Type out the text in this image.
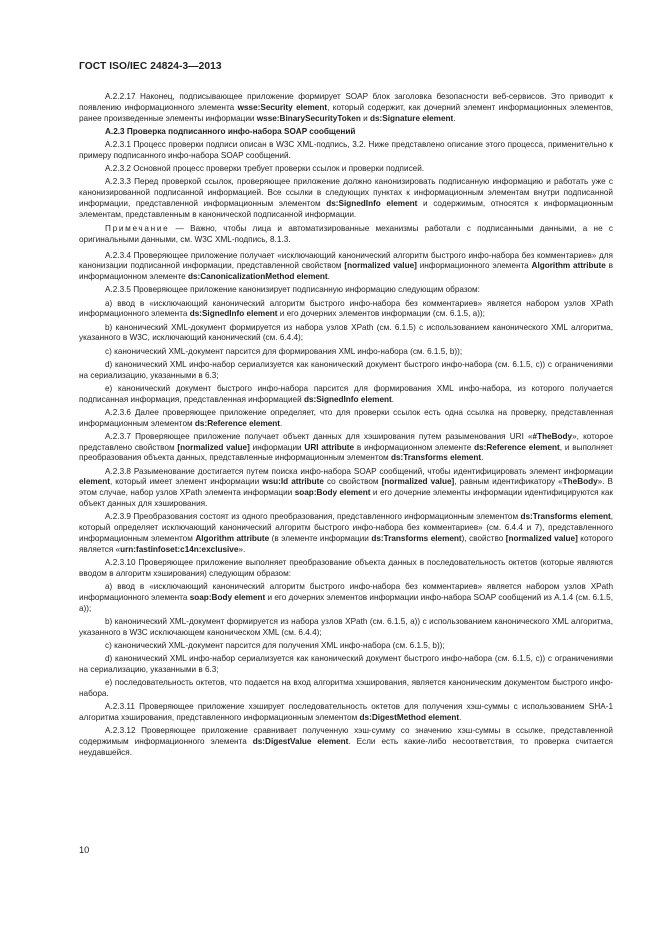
ГОСТ ISO/IEC 24824-3—2013

А.2.2.17 Наконец, подписывающее приложение формирует SOAP блок заголовка безопасности веб-сервисов. Это приводит к появлению информационного элемента wsse:Security element, который содержит, как дочерний элемент информационных элементов, ранее произведенные элементы информации wsse:BinarySecurityToken и ds:Signature element.

А.2.3 Проверка подписанного инфо-набора SOAP сообщений

А.2.3.1 Процесс проверки подписи описан в W3C XML-подпись, 3.2. Ниже представлено описание этого процесса, применительно к примеру подписанного инфо-набора SOAP сообщений.

А.2.3.2 Основной процесс проверки требует проверки ссылок и проверки подписей.

А.2.3.3 Перед проверкой ссылок, проверяющее приложение должно канонизировать подписанную информацию и работать уже с канонизированной подписанной информацией. Все ссылки в следующих пунктах к информационным элементам внутри подписанной информации, представленной информационным элементом ds:SignedInfo element и содержимым, относятся к информационным элементам, представленным в канонической подписанной информации.

Примечание — Важно, чтобы лица и автоматизированные механизмы работали с подписанными данными, а не с оригинальными данными, см. W3C XML-подпись, 8.1.3.

А.2.3.4 Проверяющее приложение получает «исключающий канонический алгоритм быстрого инфо-набора без комментариев» для канонизации подписанной информации, представленной свойством [normalized value] информационного элемента Algorithm attribute в информационном элементе ds:CanonicalizationMethod element.

А.2.3.5 Проверяющее приложение канонизирует подписанную информацию следующим образом:

а) ввод в «исключающий канонический алгоритм быстрого инфо-набора без комментариев» является набором узлов XPath информационного элемента ds:SignedInfo element и его дочерних элементов информации (см. 6.1.5, а));

b) канонический XML-документ формируется из набора узлов XPath (см. 6.1.5) с использованием канонического XML алгоритма, указанного в W3C, исключающий канонический (см. 6.4.4);

с) канонический XML-документ парсится для формирования XML инфо-набора (см. 6.1.5, b));

d) канонический XML инфо-набор сериализуется как канонический документ быстрого инфо-набора (см. 6.1.5, с)) с ограничениями на сериализацию, указанными в 6.3;

е) канонический документ быстрого инфо-набора парсится для формирования XML инфо-набора, из которого получается подписанная информация, представленная информацией ds:SignedInfo element.

А.2.3.6 Далее проверяющее приложение определяет, что для проверки ссылок есть одна ссылка на проверку, представленная информационным элементом ds:Reference element.

А.2.3.7 Проверяющее приложение получает объект данных для хэширования путем разыменования URI «#TheBody», которое представлено свойством [normalized value] информации URI attribute в информационном элементе ds:Reference element, и выполняет преобразования объекта данных, представленные информационным элементом ds:Transforms element.

А.2.3.8 Разыменование достигается путем поиска инфо-набора SOAP сообщений, чтобы идентифицировать элемент информации element, который имеет элемент информации wsu:Id attribute со свойством [normalized value], равным идентификатору «TheBody». В этом случае, набор узлов XPath элемента информации soap:Body element и его дочерние элементы информации идентифицируются как объект данных для хэширования.

А.2.3.9 Преобразования состоят из одного преобразования, представленного информационным элементом ds:Transforms element, который определяет исключающий канонический алгоритм быстрого инфо-набора без комментариев» (см. 6.4.4 и 7), представленного информационным элементом Algorithm attribute (в элементе информации ds:Transforms element), свойство [normalized value] которого является «urn:fastinfoset:c14n:exclusive».

А.2.3.10 Проверяющее приложение выполняет преобразование объекта данных в последовательность октетов (которые являются вводом в алгоритм хэширования) следующим образом:

а) ввод в «исключающий канонический алгоритм быстрого инфо-набора без комментариев» является набором узлов XPath информационного элемента soap:Body element и его дочерних элементов информации инфо-набора SOAP сообщений из А.1.4 (см. 6.1.5, а));

b) канонический XML-документ формируется из набора узлов XPath (см. 6.1.5, а)) с использованием канонического XML алгоритма, указанного в W3C исключающем каноническом XML (см. 6.4.4);

с) канонический XML-документ парсится для получения XML инфо-набора (см. 6.1.5, b));

d) канонический XML инфо-набор сериализуется как канонический документ быстрого инфо-набора (см. 6.1.5, с)) с ограничениями на сериализацию, указанными в 6.3;

е) последовательность октетов, что подается на вход алгоритма хэширования, является каноническим документом быстрого инфо-набора.

А.2.3.11 Проверяющее приложение хэширует последовательность октетов для получения хэш-суммы с использованием SHA-1 алгоритма хэширования, представленного информационным элементом ds:DigestMethod element.

А.2.3.12 Проверяющее приложение сравнивает полученную хэш-сумму со значению хэш-суммы в ссылке, представленной содержимым информационного элемента ds:DigestValue element. Если есть какие-либо несоответствия, то проверка считается неудавшейся.

10
